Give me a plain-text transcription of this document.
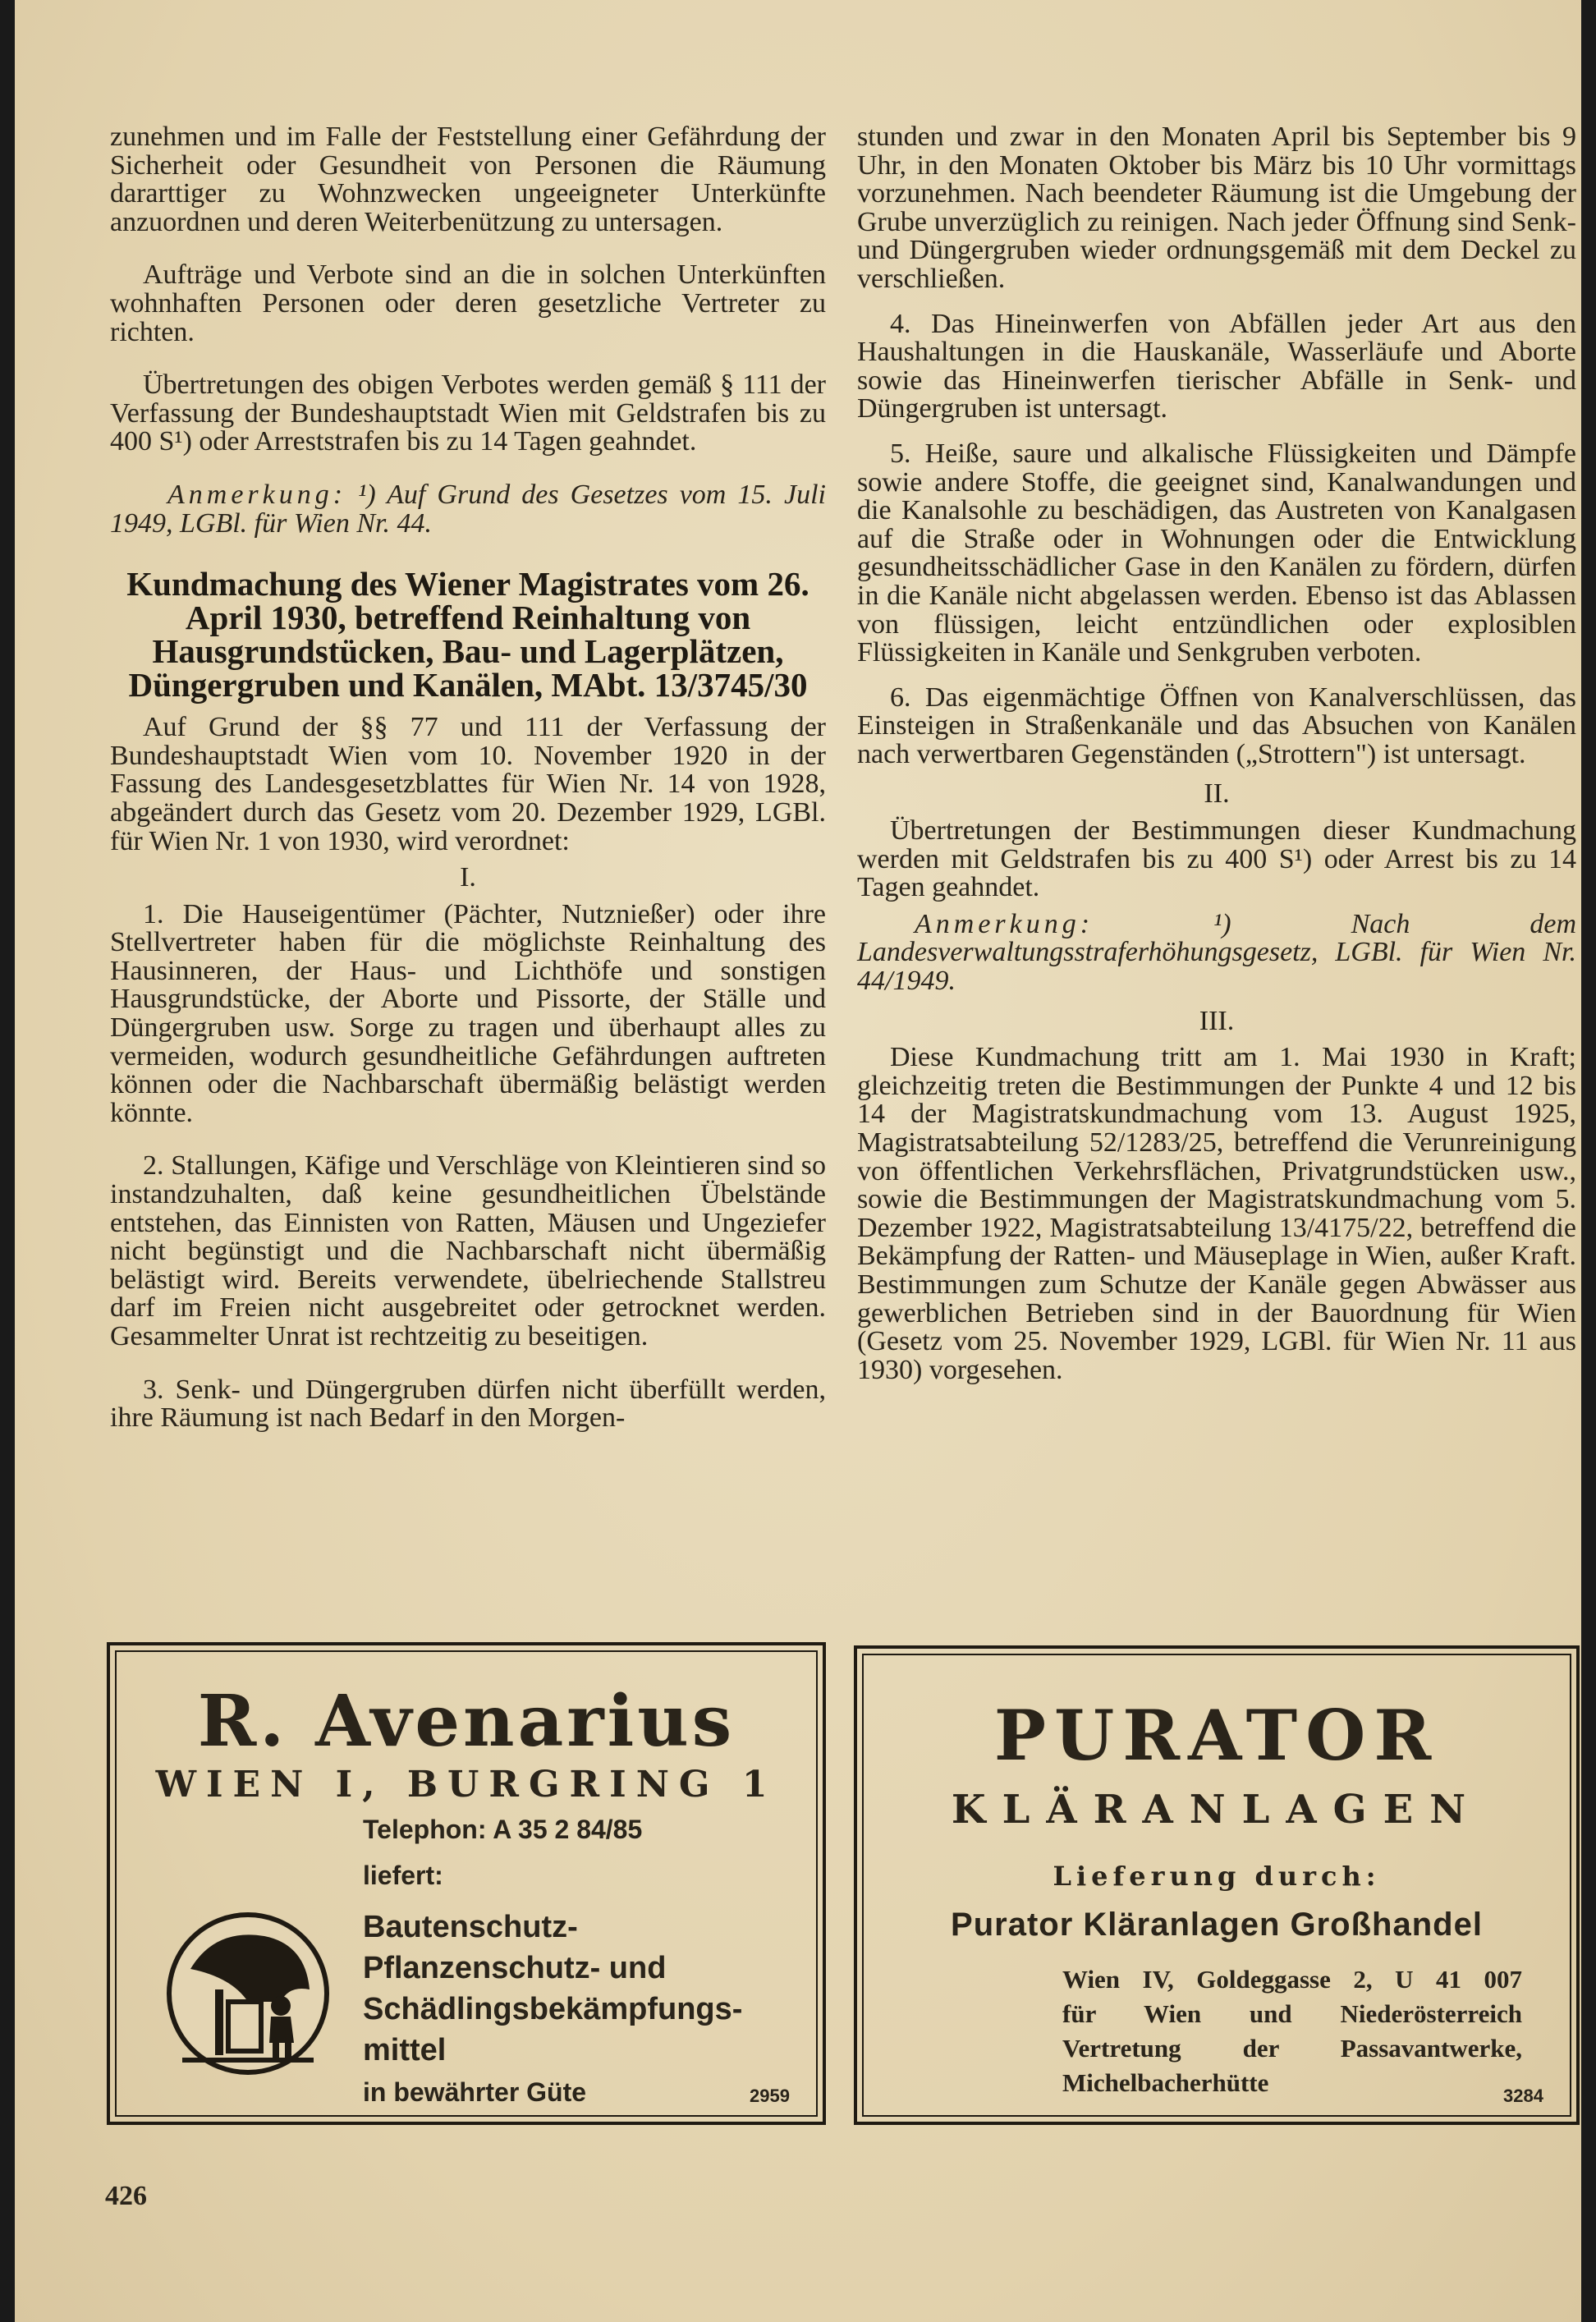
zunehmen und im Falle der Feststellung einer Gefährdung der Sicherheit oder Gesundheit von Personen die Räumung dararttiger zu Wohnzwecken ungeeigneter Unterkünfte anzuordnen und deren Weiterbenützung zu untersagen.

Aufträge und Verbote sind an die in solchen Unterkünften wohnhaften Personen oder deren gesetzliche Vertreter zu richten.

Übertretungen des obigen Verbotes werden gemäß § 111 der Verfassung der Bundeshauptstadt Wien mit Geldstrafen bis zu 400 S¹) oder Arreststrafen bis zu 14 Tagen geahndet.

Anmerkung: ¹) Auf Grund des Gesetzes vom 15. Juli 1949, LGBl. für Wien Nr. 44.

Kundmachung des Wiener Magistrates vom 26. April 1930, betreffend Reinhaltung von Hausgrundstücken, Bau- und Lagerplätzen, Düngergruben und Kanälen, MAbt. 13/3745/30

Auf Grund der §§ 77 und 111 der Verfassung der Bundeshauptstadt Wien vom 10. November 1920 in der Fassung des Landesgesetzblattes für Wien Nr. 14 von 1928, abgeändert durch das Gesetz vom 20. Dezember 1929, LGBl. für Wien Nr. 1 von 1930, wird verordnet:

I.

1. Die Hauseigentümer (Pächter, Nutznießer) oder ihre Stellvertreter haben für die möglichste Reinhaltung des Hausinneren, der Haus- und Lichthöfe und sonstigen Hausgrundstücke, der Aborte und Pissorte, der Ställe und Düngergruben usw. Sorge zu tragen und überhaupt alles zu vermeiden, wodurch gesundheitliche Gefährdungen auftreten können oder die Nachbarschaft übermäßig belästigt werden könnte.

2. Stallungen, Käfige und Verschläge von Kleintieren sind so instandzuhalten, daß keine gesundheitlichen Übelstände entstehen, das Einnisten von Ratten, Mäusen und Ungeziefer nicht begünstigt und die Nachbarschaft nicht übermäßig belästigt wird. Bereits verwendete, übelriechende Stallstreu darf im Freien nicht ausgebreitet oder getrocknet werden. Gesammelter Unrat ist rechtzeitig zu beseitigen.

3. Senk- und Düngergruben dürfen nicht überfüllt werden, ihre Räumung ist nach Bedarf in den Morgen-

stunden und zwar in den Monaten April bis September bis 9 Uhr, in den Monaten Oktober bis März bis 10 Uhr vormittags vorzunehmen. Nach beendeter Räumung ist die Umgebung der Grube unverzüglich zu reinigen. Nach jeder Öffnung sind Senk- und Düngergruben wieder ordnungsgemäß mit dem Deckel zu verschließen.

4. Das Hineinwerfen von Abfällen jeder Art aus den Haushaltungen in die Hauskanäle, Wasserläufe und Aborte sowie das Hineinwerfen tierischer Abfälle in Senk- und Düngergruben ist untersagt.

5. Heiße, saure und alkalische Flüssigkeiten und Dämpfe sowie andere Stoffe, die geeignet sind, Kanalwandungen und die Kanalsohle zu beschädigen, das Austreten von Kanalgasen auf die Straße oder in Wohnungen oder die Entwicklung gesundheitsschädlicher Gase in den Kanälen zu fördern, dürfen in die Kanäle nicht abgelassen werden. Ebenso ist das Ablassen von flüssigen, leicht entzündlichen oder explosiblen Flüssigkeiten in Kanäle und Senkgruben verboten.

6. Das eigenmächtige Öffnen von Kanalverschlüssen, das Einsteigen in Straßenkanäle und das Absuchen von Kanälen nach verwertbaren Gegenständen („Strottern") ist untersagt.

II.

Übertretungen der Bestimmungen dieser Kundmachung werden mit Geldstrafen bis zu 400 S¹) oder Arrest bis zu 14 Tagen geahndet.

Anmerkung:	¹) Nach dem Landesverwaltungsstraferhöhungsgesetz, LGBl. für Wien Nr. 44/1949.

III.

Diese Kundmachung tritt am 1. Mai 1930 in Kraft; gleichzeitig treten die Bestimmungen der Punkte 4 und 12 bis 14 der Magistratskundmachung vom 13. August 1925, Magistratsabteilung 52/1283/25, betreffend die Verunreinigung von öffentlichen Verkehrsflächen, Privatgrundstücken usw., sowie die Bestimmungen der Magistratskundmachung vom 5. Dezember 1922, Magistratsabteilung 13/4175/22, betreffend die Bekämpfung der Ratten- und Mäuseplage in Wien, außer Kraft. Bestimmungen zum Schutze der Kanäle gegen Abwässer aus gewerblichen Betrieben sind in der Bauordnung für Wien (Gesetz vom 25. November 1929, LGBl. für Wien Nr. 11 aus 1930) vorgesehen.

R. Avenarius
WIEN I, BURGRING 1
Telephon: A 35 2 84/85
liefert:
Bautenschutz-
Pflanzenschutz- und
Schädlingsbekämpfungs-
mittel
in bewährter Güte	2959
PURATOR
KLÄRANLAGEN
Lieferung durch:
Purator Kläranlagen Großhandel
Wien IV, Goldeggasse 2, U 41 007
für Wien und Niederösterreich
Vertretung der Passavantwerke,
Michelbacherhütte	3284
426
